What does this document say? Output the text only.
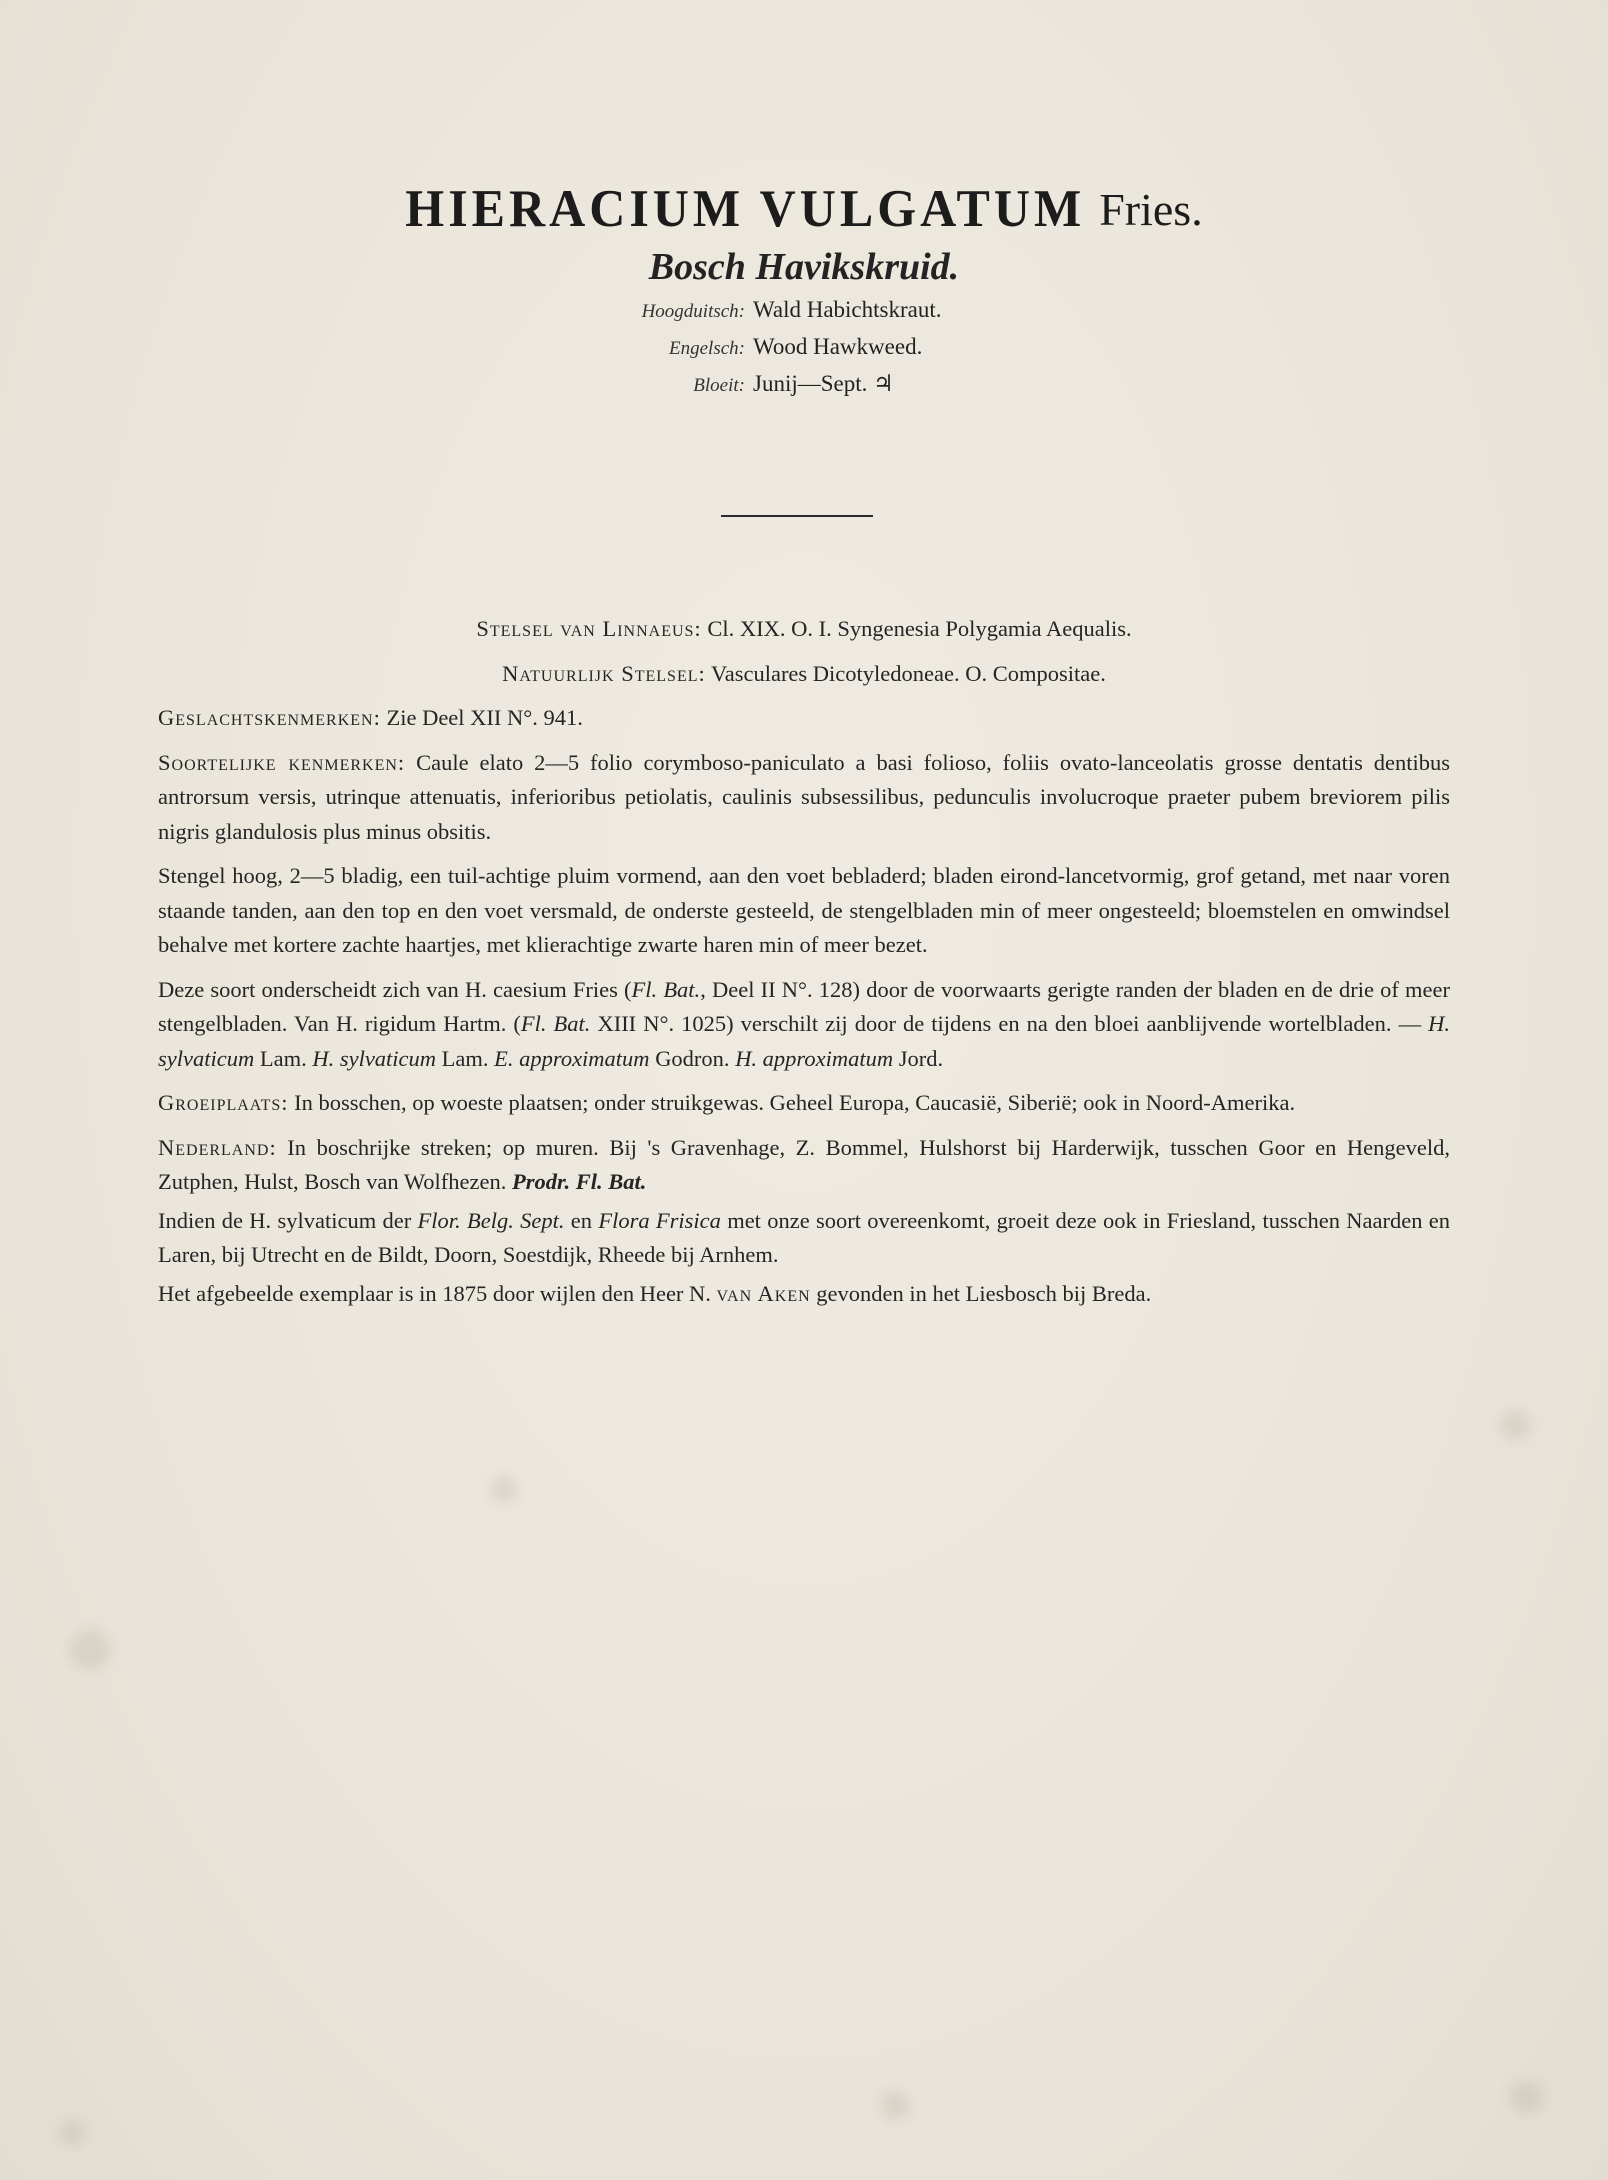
HIERACIUM VULGATUM Fries.
Bosch Havikskruid.
Hoogduitsch: Wald Habichtskraut.
Engelsch: Wood Hawkweed.
Bloeit: Junij—Sept. ♃

Stelsel van Linnaeus: Cl. XIX. O. I. Syngenesia Polygamia Aequalis.

Natuurlijk Stelsel: Vasculares Dicotyledoneae. O. Compositae.

Geslachtskenmerken: Zie Deel XII N°. 941.

Soortelijke kenmerken: Caule elato 2—5 folio corymboso-paniculato a basi folioso, foliis ovato-lanceolatis grosse dentatis dentibus antrorsum versis, utrinque attenuatis, inferioribus petiolatis, caulinis subsessilibus, pedunculis involucroque praeter pubem breviorem pilis nigris glandulosis plus minus obsitis.

Stengel hoog, 2—5 bladig, een tuil-achtige pluim vormend, aan den voet bebladerd; bladen eirond-lancetvormig, grof getand, met naar voren staande tanden, aan den top en den voet versmald, de onderste gesteeld, de stengelbladen min of meer ongesteeld; bloemstelen en omwindsel behalve met kortere zachte haartjes, met klierachtige zwarte haren min of meer bezet.

Deze soort onderscheidt zich van H. caesium Fries (Fl. Bat., Deel II N°. 128) door de voorwaarts gerigte randen der bladen en de drie of meer stengelbladen. Van H. rigidum Hartm. (Fl. Bat. XIII N°. 1025) verschilt zij door de tijdens en na den bloei aanblijvende wortelbladen. — H. sylvaticum Lam. H. sylvaticum Lam. E. approximatum Godron. H. approximatum Jord.

Groeiplaats: In bosschen, op woeste plaatsen; onder struikgewas. Geheel Europa, Caucasië, Siberië; ook in Noord-Amerika.

Nederland: In boschrijke streken; op muren. Bij 's Gravenhage, Z. Bommel, Hulshorst bij Harderwijk, tusschen Goor en Hengeveld, Zutphen, Hulst, Bosch van Wolfhezen. Prodr. Fl. Bat.

Indien de H. sylvaticum der Flor. Belg. Sept. en Flora Frisica met onze soort overeenkomt, groeit deze ook in Friesland, tusschen Naarden en Laren, bij Utrecht en de Bildt, Doorn, Soestdijk, Rheede bij Arnhem.

Het afgebeelde exemplaar is in 1875 door wijlen den Heer N. van Aken gevonden in het Liesbosch bij Breda.
